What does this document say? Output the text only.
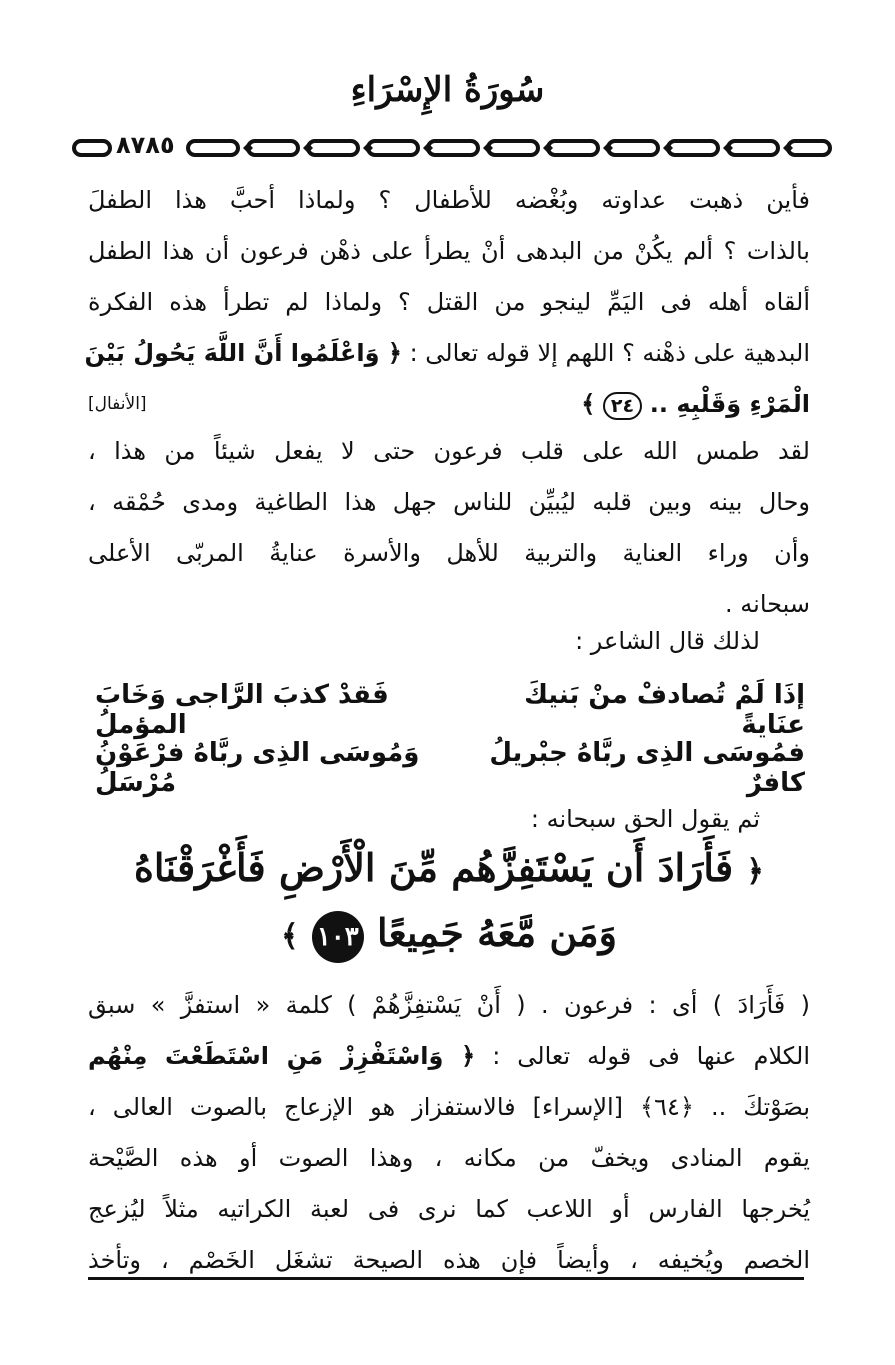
سُورَةُ الإِسْرَاءِ
٨٧٨٥
فأين ذهبت عداوته وبُغْضه للأطفال ؟ ولماذا أحبَّ هذا الطفلَ
بالذات ؟ ألم يكُنْ من البدهى أنْ يطرأ على ذهْن فرعون أن هذا الطفل
ألقاه أهله فى اليَمِّ لينجو من القتل ؟ ولماذا لم تطرأ هذه الفكرة
البدهية على ذهْنه ؟ اللهم إلا قوله تعالى : ﴿ وَاعْلَمُوا أَنَّ اللَّهَ يَحُولُ بَيْنَ
الْمَرْءِ وَقَلْبِهِ .. ٢٤ ﴾
[الأنفال]
لقد طمس الله على قلب فرعون حتى لا يفعل شيئاً من هذا ،
وحال بينه وبين قلبه ليُبيِّن للناس جهل هذا الطاغية ومدى حُمْقه ،
وأن وراء العناية والتربية للأهل والأسرة عنايةُ المربّى الأعلى
سبحانه .
لذلك قال الشاعر :
إذَا لَمْ تُصادفْ منْ بَنيكَ عنَايةً
فَقدْ كذبَ الرَّاجى وَخَابَ المؤملُ
فمُوسَى الذِى ربَّاهُ جبْريلُ كافرٌ
وَمُوسَى الذِى ربَّاهُ فرْعَوْنُ مُرْسَلُ
ثم يقول الحق سبحانه :
﴿ فَأَرَادَ أَن يَسْتَفِزَّهُم مِّنَ الْأَرْضِ فَأَغْرَقْنَاهُ
وَمَن مَّعَهُ جَمِيعًا ١٠٣ ﴾
( فَأَرَادَ ) أى : فرعون . ( أَنْ يَسْتفِزَّهُمْ ) كلمة « استفزَّ » سبق
الكلام عنها فى قوله تعالى : ﴿ وَاسْتَفْزِزْ مَنِ اسْتَطَعْتَ مِنْهُم
بصَوْتكَ .. ﴿٦٤﴾ [الإسراء] فالاستفزاز هو الإزعاج بالصوت العالى ،
يقوم المنادى ويخفّ من مكانه ، وهذا الصوت أو هذه الصَّيْحة
يُخرجها الفارس أو اللاعب كما نرى فى لعبة الكراتيه مثلاً ليُزعج
الخصم ويُخيفه ، وأيضاً فإن هذه الصيحة تشغَل الخَصْم ، وتأخذ
